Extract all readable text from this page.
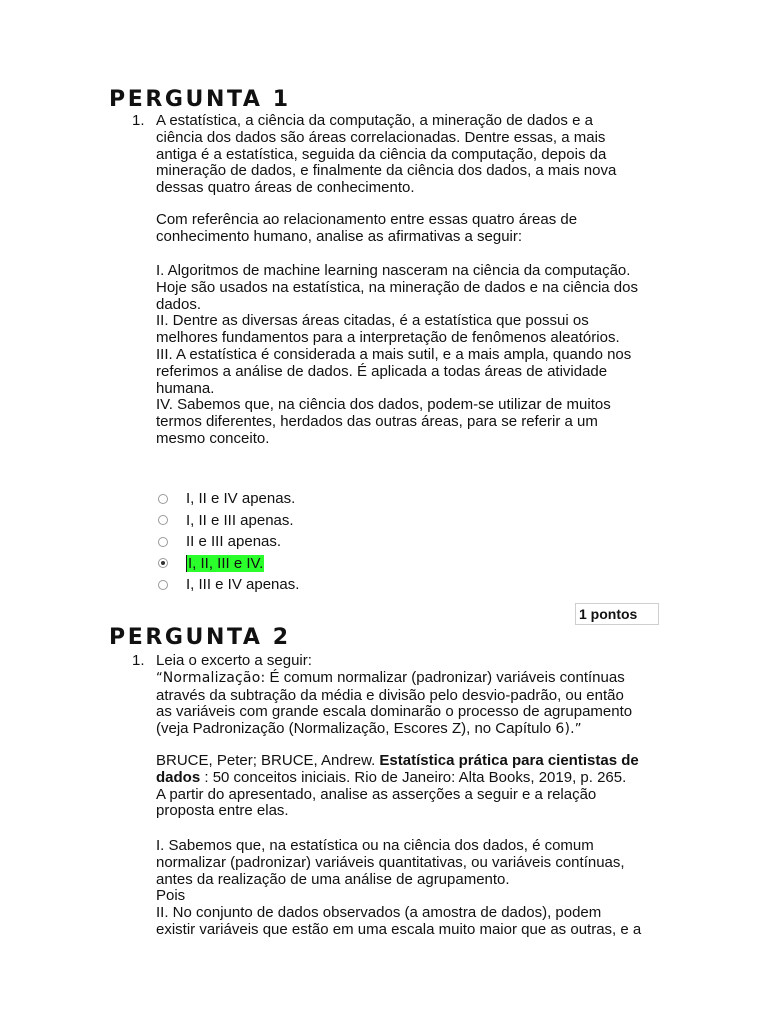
PERGUNTA 1
1. A estatística, a ciência da computação, a mineração de dados e a

ciência dos dados são áreas correlacionadas. Dentre essas, a mais

antiga é a estatística, seguida da ciência da computação, depois da

mineração de dados, e finalmente da ciência dos dados, a mais nova

dessas quatro áreas de conhecimento.

Com referência ao relacionamento entre essas quatro áreas de

conhecimento humano, analise as afirmativas a seguir:

I. Algoritmos de machine learning nasceram na ciência da computação.

Hoje são usados na estatística, na mineração de dados e na ciência dos

dados.

II. Dentre as diversas áreas citadas, é a estatística que possui os

melhores fundamentos para a interpretação de fenômenos aleatórios.

III. A estatística é considerada a mais sutil, e a mais ampla, quando nos

referimos a análise de dados. É aplicada a todas áreas de atividade

humana.

IV. Sabemos que, na ciência dos dados, podem-se utilizar de muitos

termos diferentes, herdados das outras áreas, para se referir a um

mesmo conceito.

I, II e IV apenas.
I, II e III apenas.
II e III apenas.
I, II, III e IV.
I, III e IV apenas.
1 pontos
PERGUNTA 2
1. Leia o excerto a seguir:

“Normalização: É comum normalizar (padronizar) variáveis contínuas

através da subtração da média e divisão pelo desvio-padrão, ou então

as variáveis com grande escala dominarão o processo de agrupamento

(veja Padronização (Normalização, Escores Z), no Capítulo 6).”

BRUCE, Peter; BRUCE, Andrew. Estatística prática para cientistas de

dados : 50 conceitos iniciais. Rio de Janeiro: Alta Books, 2019, p. 265.

A partir do apresentado, analise as asserções a seguir e a relação

proposta entre elas.

I. Sabemos que, na estatística ou na ciência dos dados, é comum

normalizar (padronizar) variáveis quantitativas, ou variáveis contínuas,

antes da realização de uma análise de agrupamento.

Pois

II. No conjunto de dados observados (a amostra de dados), podem

existir variáveis que estão em uma escala muito maior que as outras, e a
